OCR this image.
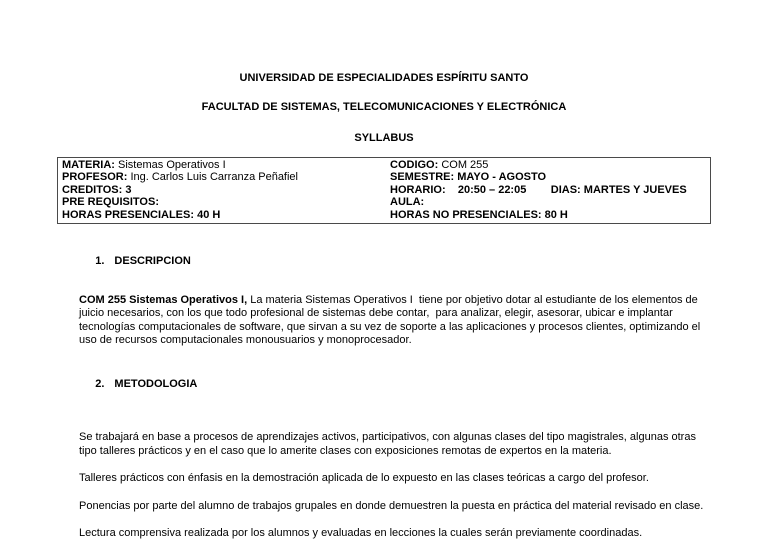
UNIVERSIDAD DE ESPECIALIDADES ESPÍRITU SANTO
FACULTAD DE SISTEMAS, TELECOMUNICACIONES Y ELECTRÓNICA
SYLLABUS
MATERIA: Sistemas Operativos I
PROFESOR: Ing. Carlos Luis Carranza Peñafiel
CREDITOS: 3
PRE REQUISITOS:
HORAS PRESENCIALES: 40 H
CODIGO: COM 255
SEMESTRE: MAYO - AGOSTO
HORARIO:    20:50 – 22:05        DIAS: MARTES Y JUEVES
AULA:
HORAS NO PRESENCIALES: 80 H

1. DESCRIPCION

COM 255 Sistemas Operativos I, La materia Sistemas Operativos I  tiene por objetivo dotar al estudiante de los elementos de juicio necesarios, con los que todo profesional de sistemas debe contar,  para analizar, elegir, asesorar, ubicar e implantar tecnologías computacionales de software, que sirvan a su vez de soporte a las aplicaciones y procesos clientes, optimizando el uso de recursos computacionales monousuarios y monoprocesador.

2. METODOLOGIA

Se trabajará en base a procesos de aprendizajes activos, participativos, con algunas clases del tipo magistrales, algunas otras tipo talleres prácticos y en el caso que lo amerite clases con exposiciones remotas de expertos en la materia.

Talleres prácticos con énfasis en la demostración aplicada de lo expuesto en las clases teóricas a cargo del profesor.

Ponencias por parte del alumno de trabajos grupales en donde demuestren la puesta en práctica del material revisado en clase.

Lectura comprensiva realizada por los alumnos y evaluadas en lecciones la cuales serán previamente coordinadas.
